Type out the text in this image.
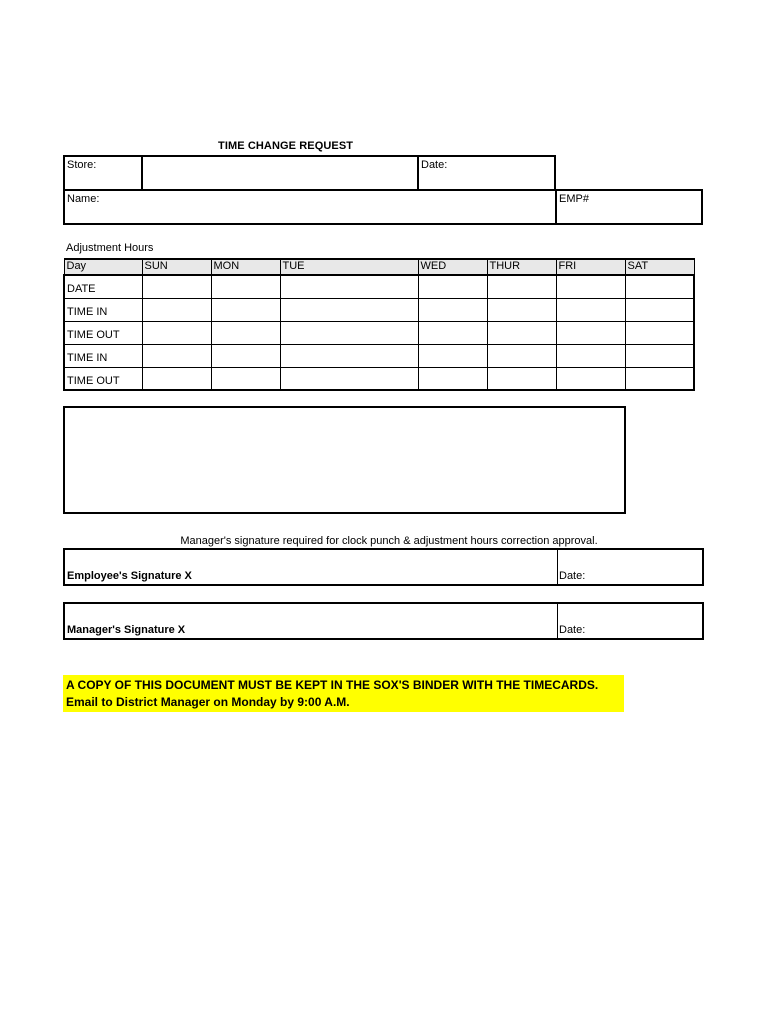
TIME CHANGE REQUEST
Store:	Date:
Name:	EMP#
Adjustment Hours
Day	SUN	MON	TUE	WED	THUR	FRI	SAT
DATE							
TIME IN							
TIME OUT							
TIME IN							
TIME OUT							
Manager's signature required for clock punch & adjustment hours correction approval.
Employee's Signature X	Date:
Manager's Signature X	Date:
A COPY OF THIS DOCUMENT MUST BE KEPT IN THE SOX'S BINDER WITH THE TIMECARDS.
Email to District Manager on Monday by 9:00 A.M.
